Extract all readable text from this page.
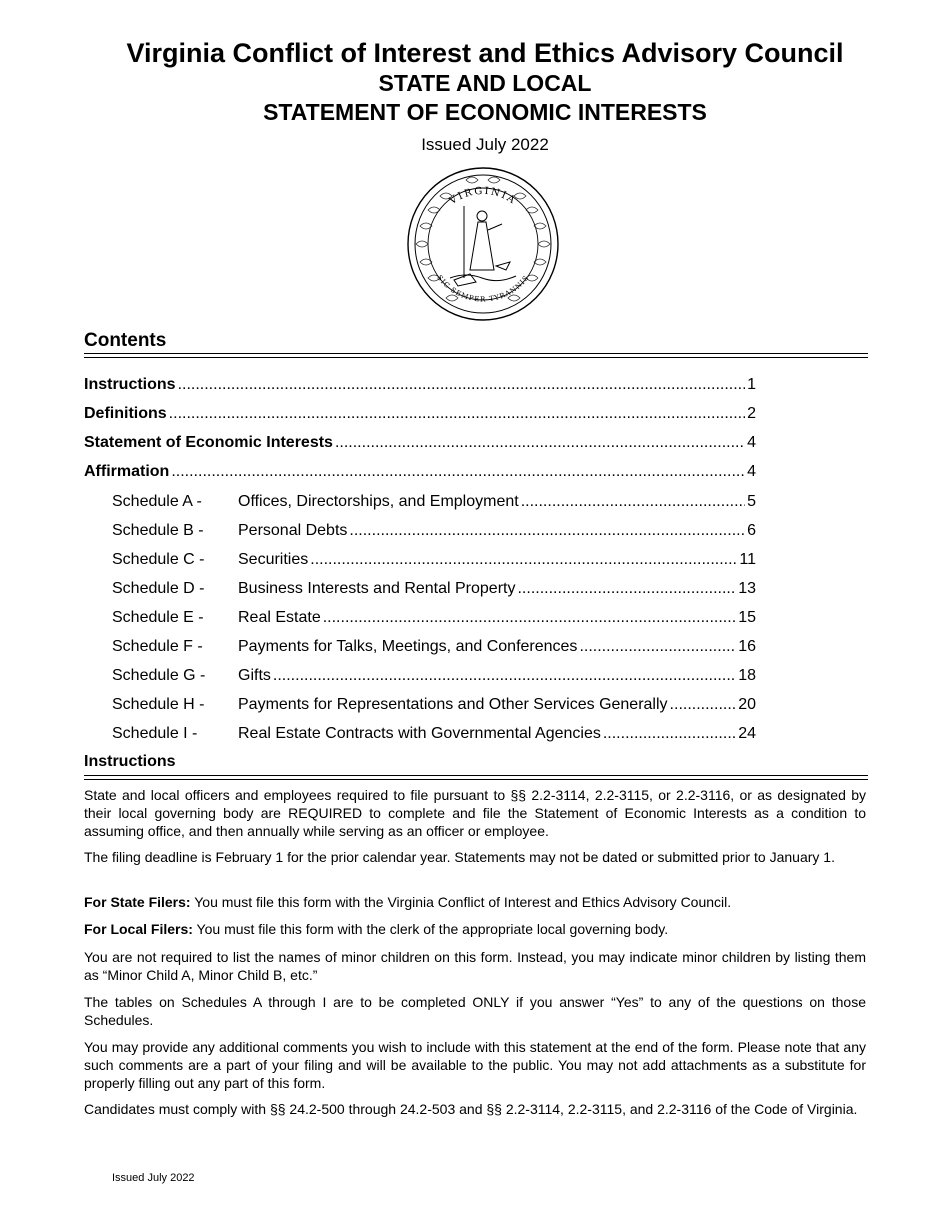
Virginia Conflict of Interest and Ethics Advisory Council
STATE AND LOCAL
STATEMENT OF ECONOMIC INTERESTS
Issued July 2022
VIRGINIA
SIC SEMPER TYRANNIS
Contents
Instructions .....	1
Definitions .....	2
Statement of Economic Interests .....	4
Affirmation .....	4
Schedule A -	Offices, Directorships, and Employment .....	5
Schedule B -	Personal Debts .....	6
Schedule C -	Securities .....	11
Schedule D -	Business Interests and Rental Property .....	13
Schedule E -	Real Estate .....	15
Schedule F -	Payments for Talks, Meetings, and Conferences .....	16
Schedule G -	Gifts .....	18
Schedule H -	Payments for Representations and Other Services Generally .....	20
Schedule I -	Real Estate Contracts with Governmental Agencies .....	24
Instructions
State and local officers and employees required to file pursuant to §§ 2.2-3114, 2.2-3115, or 2.2-3116, or as designated by their local governing body are REQUIRED to complete and file the Statement of Economic Interests as a condition to assuming office, and then annually while serving as an officer or employee.
The filing deadline is February 1 for the prior calendar year. Statements may not be dated or submitted prior to January 1.
For State Filers: You must file this form with the Virginia Conflict of Interest and Ethics Advisory Council.
For Local Filers: You must file this form with the clerk of the appropriate local governing body.
You are not required to list the names of minor children on this form. Instead, you may indicate minor children by listing them as “Minor Child A, Minor Child B, etc.”
The tables on Schedules A through I are to be completed ONLY if you answer “Yes” to any of the questions on those Schedules.
You may provide any additional comments you wish to include with this statement at the end of the form. Please note that any such comments are a part of your filing and will be available to the public. You may not add attachments as a substitute for properly filling out any part of this form.
Candidates must comply with §§ 24.2-500 through 24.2-503 and §§ 2.2-3114, 2.2-3115, and 2.2-3116 of the Code of Virginia.
Issued July 2022
